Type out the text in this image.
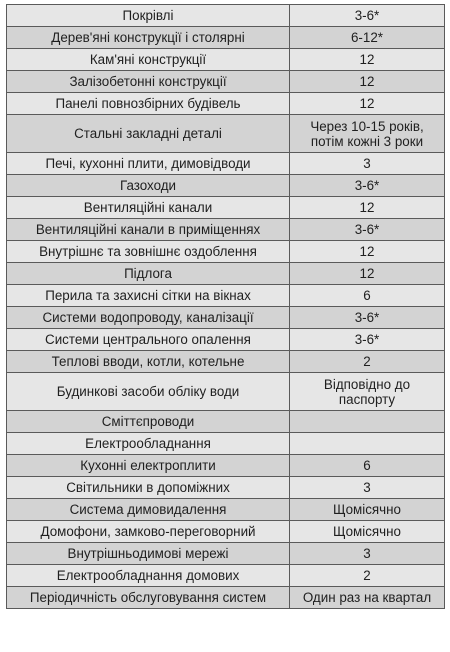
Покрівлі	3-6*
Дерев'яні конструкції і столярні	6-12*
Кам'яні конструкції	12
Залізобетонні конструкції	12
Панелі повнозбірних будівель	12
Стальні закладні деталі	Через 10-15 років, потім кожні 3 роки
Печі, кухонні плити, димовідводи	3
Газоходи	3-6*
Вентиляційні канали	12
Вентиляційні канали в приміщеннях	3-6*
Внутрішнє та зовнішнє оздоблення	12
Підлога	12
Перила та захисні сітки на вікнах	6
Системи водопроводу, каналізації	3-6*
Системи центрального опалення	3-6*
Теплові вводи, котли, котельне	2
Будинкові засоби обліку води	Відповідно до паспорту
Сміттєпроводи	
Електрообладнання	
Кухонні електроплити	6
Світильники в допоміжних	3
Система димовидалення	Щомісячно
Домофони, замково-переговорний	Щомісячно
Внутрішньодимові мережі	3
Електрообладнання домових	2
Періодичність обслуговування систем	Один раз на квартал
